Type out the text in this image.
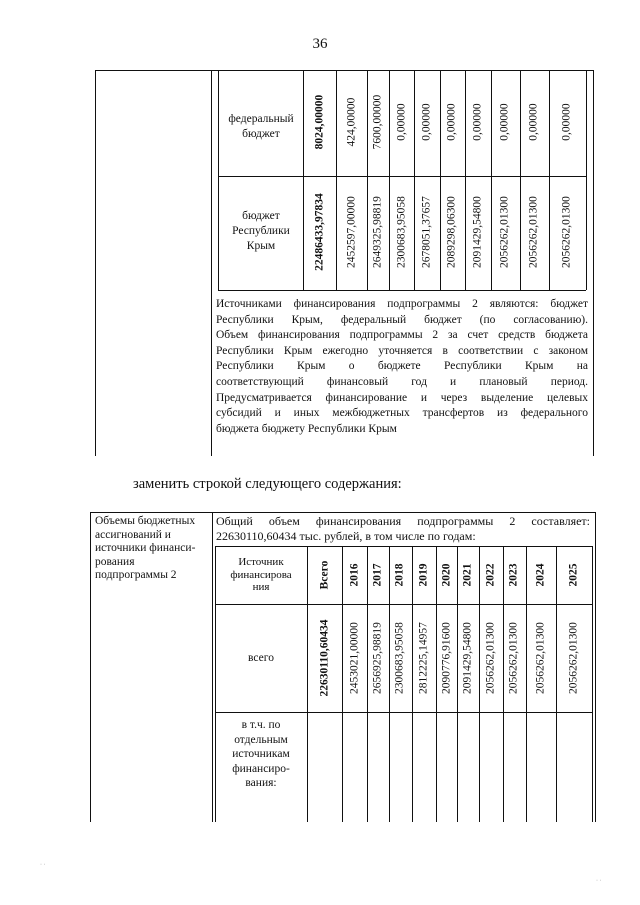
36
федеральный бюджет
бюджет Республики Крым
8024,00000 424,00000 7600,00000 0,00000 0,00000 0,00000 0,00000 0,00000 0,00000 0,00000
22486433,97834 2452597,00000 2649325,98819 2300683,95058 2678051,37657 2089298,06300 2091429,54800 2056262,01300 2056262,01300 2056262,01300
Источниками финансирования подпрограммы 2 являются: бюджет
Республики Крым, федеральный бюджет (по согласованию).
Объем финансирования подпрограммы 2 за счет средств бюджета
Республики Крым ежегодно уточняется в соответствии с законом
Республики Крым о бюджете Республики Крым на
соответствующий финансовый год и плановый период.
Предусматривается финансирование и через выделение целевых
субсидий и иных межбюджетных трансфертов из федерального
бюджета бюджету Республики Крым
заменить строкой следующего содержания:
Объемы бюджетных
ассигнований и
источники финанси-
рования
подпрограммы 2
Общий объем финансирования подпрограммы 2 составляет:
22630110,60434 тыс. рублей, в том числе по годам:
Источник
финансирова
ния	Всего 2016 2017 2018 2019 2020 2021 2022 2023 2024 2025
всего	22630110,60434 2453021,00000 2656925,98819 2300683,95058 2812225,14957 2090776,91600 2091429,54800 2056262,01300 2056262,01300 2056262,01300 2056262,01300
в т.ч. по
отдельным
источникам
финансиро-
вания:
· ·
· ·
